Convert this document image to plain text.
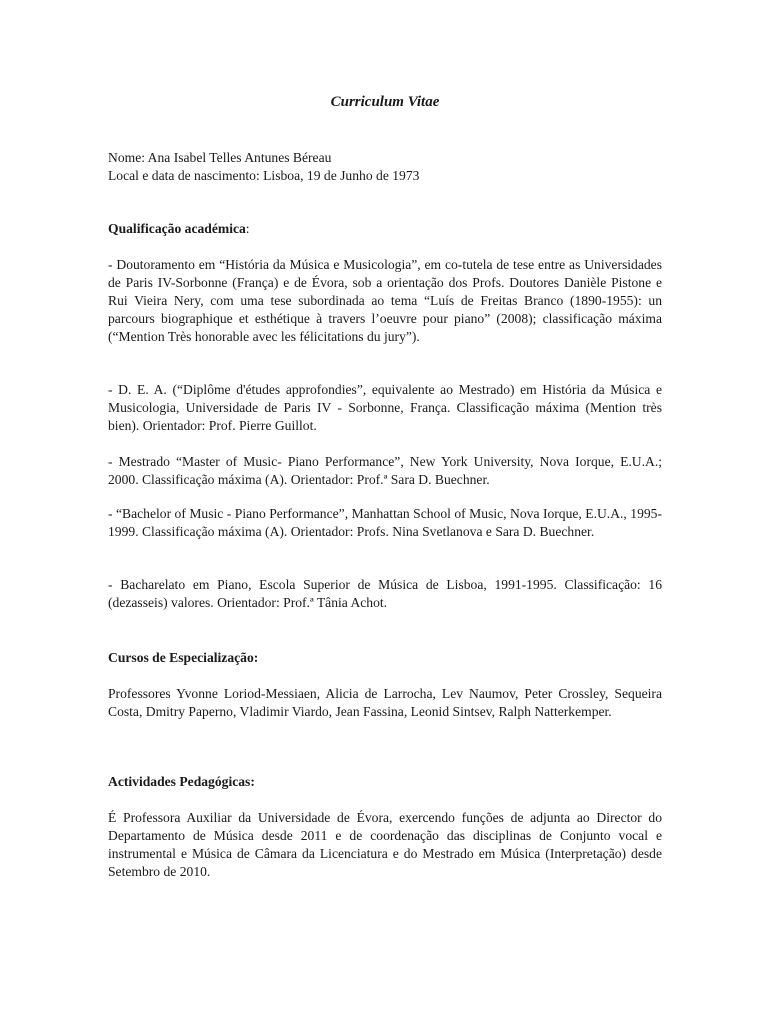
Curriculum Vitae

Nome: Ana Isabel Telles Antunes Béreau

Local e data de nascimento: Lisboa, 19 de Junho de 1973

Qualificação académica:

- Doutoramento em “História da Música e Musicologia”, em co-tutela de tese entre as Universidades de Paris IV-Sorbonne (França) e de Évora, sob a orientação dos Profs. Doutores Danièle Pistone e Rui Vieira Nery, com uma tese subordinada ao tema “Luís de Freitas Branco (1890-1955): un parcours biographique et esthétique à travers l’oeuvre pour piano” (2008); classificação máxima (“Mention Très honorable avec les félicitations du jury”).

- D. E. A. (“Diplôme d'études approfondies”, equivalente ao Mestrado) em História da Música e Musicologia, Universidade de Paris IV - Sorbonne, França. Classificação máxima (Mention très bien). Orientador: Prof. Pierre Guillot.

- Mestrado “Master of Music- Piano Performance”, New York University, Nova Iorque, E.U.A.; 2000. Classificação máxima (A). Orientador: Prof.ª Sara D. Buechner.

- “Bachelor of Music - Piano Performance”, Manhattan School of Music, Nova Iorque, E.U.A., 1995-1999. Classificação máxima (A). Orientador: Profs. Nina Svetlanova e Sara D. Buechner.

- Bacharelato em Piano, Escola Superior de Música de Lisboa, 1991-1995. Classificação: 16 (dezasseis) valores. Orientador: Prof.ª Tânia Achot.

Cursos de Especialização:

Professores Yvonne Loriod-Messiaen, Alicia de Larrocha, Lev Naumov, Peter Crossley, Sequeira Costa, Dmitry Paperno, Vladimir Viardo, Jean Fassina, Leonid Sintsev, Ralph Natterkemper.

Actividades Pedagógicas:

É Professora Auxiliar da Universidade de Évora, exercendo funções de adjunta ao Director do Departamento de Música desde 2011 e de coordenação das disciplinas de Conjunto vocal e instrumental e Música de Câmara da Licenciatura e do Mestrado em Música (Interpretação) desde Setembro de 2010.
